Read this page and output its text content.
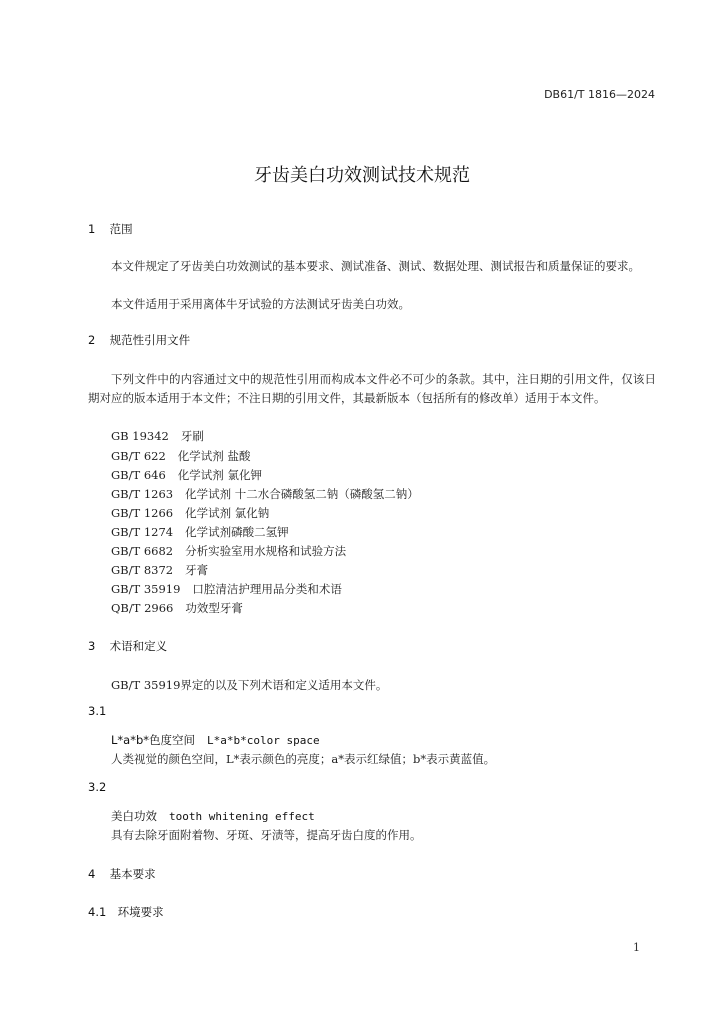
DB61/T 1816—2024
牙齿美白功效测试技术规范
1 范围
本文件规定了牙齿美白功效测试的基本要求、测试准备、测试、数据处理、测试报告和质量保证的要求。
本文件适用于采用离体牛牙试验的方法测试牙齿美白功效。
2 规范性引用文件
下列文件中的内容通过文中的规范性引用而构成本文件必不可少的条款。其中，注日期的引用文件，仅该日期对应的版本适用于本文件；不注日期的引用文件，其最新版本（包括所有的修改单）适用于本文件。
GB 19342 牙刷
GB/T 622 化学试剂 盐酸
GB/T 646 化学试剂 氯化钾
GB/T 1263 化学试剂 十二水合磷酸氢二钠（磷酸氢二钠）
GB/T 1266 化学试剂 氯化钠
GB/T 1274 化学试剂磷酸二氢钾
GB/T 6682 分析实验室用水规格和试验方法
GB/T 8372 牙膏
GB/T 35919 口腔清洁护理用品分类和术语
QB/T 2966 功效型牙膏
3 术语和定义
GB/T 35919界定的以及下列术语和定义适用本文件。
3.1
L*a*b*色度空间 L*a*b*color space
人类视觉的颜色空间，L*表示颜色的亮度；a*表示红绿值；b*表示黄蓝值。
3.2
美白功效 tooth whitening effect
具有去除牙面附着物、牙斑、牙渍等，提高牙齿白度的作用。
4 基本要求
4.1 环境要求
1
